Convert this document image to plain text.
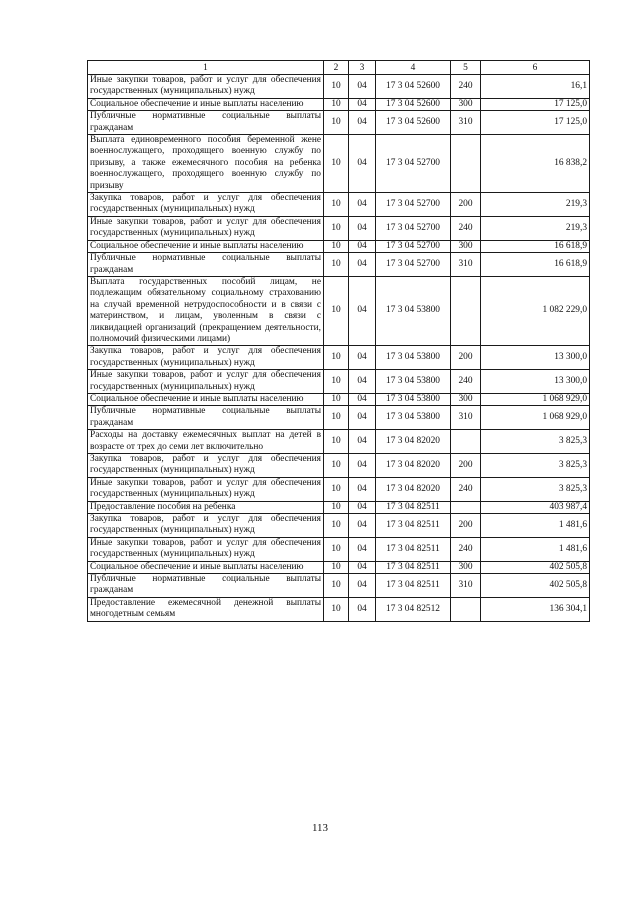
1	2	3	4	5	6
Иные закупки товаров, работ и услуг для обеспечения государственных (муниципальных) нужд	10	04	17 3 04 52600	240	16,1
Социальное обеспечение и иные выплаты населению	10	04	17 3 04 52600	300	17 125,0
Публичные нормативные социальные выплаты гражданам	10	04	17 3 04 52600	310	17 125,0
Выплата единовременного пособия беременной жене военнослужащего, проходящего военную службу по призыву, а также ежемесячного пособия на ребенка военнослужащего, проходящего военную службу по призыву	10	04	17 3 04 52700		16 838,2
Закупка товаров, работ и услуг для обеспечения государственных (муниципальных) нужд	10	04	17 3 04 52700	200	219,3
Иные закупки товаров, работ и услуг для обеспечения государственных (муниципальных) нужд	10	04	17 3 04 52700	240	219,3
Социальное обеспечение и иные выплаты населению	10	04	17 3 04 52700	300	16 618,9
Публичные нормативные социальные выплаты гражданам	10	04	17 3 04 52700	310	16 618,9
Выплата государственных пособий лицам, не подлежащим обязательному социальному страхованию на случай временной нетрудоспособности и в связи с материнством, и лицам, уволенным в связи с ликвидацией организаций (прекращением деятельности, полномочий физическими лицами)	10	04	17 3 04 53800		1 082 229,0
Закупка товаров, работ и услуг для обеспечения государственных (муниципальных) нужд	10	04	17 3 04 53800	200	13 300,0
Иные закупки товаров, работ и услуг для обеспечения государственных (муниципальных) нужд	10	04	17 3 04 53800	240	13 300,0
Социальное обеспечение и иные выплаты населению	10	04	17 3 04 53800	300	1 068 929,0
Публичные нормативные социальные выплаты гражданам	10	04	17 3 04 53800	310	1 068 929,0
Расходы на доставку ежемесячных выплат на детей в возрасте от трех до семи лет включительно	10	04	17 3 04 82020		3 825,3
Закупка товаров, работ и услуг для обеспечения государственных (муниципальных) нужд	10	04	17 3 04 82020	200	3 825,3
Иные закупки товаров, работ и услуг для обеспечения государственных (муниципальных) нужд	10	04	17 3 04 82020	240	3 825,3
Предоставление пособия на ребенка	10	04	17 3 04 82511		403 987,4
Закупка товаров, работ и услуг для обеспечения государственных (муниципальных) нужд	10	04	17 3 04 82511	200	1 481,6
Иные закупки товаров, работ и услуг для обеспечения государственных (муниципальных) нужд	10	04	17 3 04 82511	240	1 481,6
Социальное обеспечение и иные выплаты населению	10	04	17 3 04 82511	300	402 505,8
Публичные нормативные социальные выплаты гражданам	10	04	17 3 04 82511	310	402 505,8
Предоставление ежемесячной денежной выплаты многодетным семьям	10	04	17 3 04 82512		136 304,1
113
